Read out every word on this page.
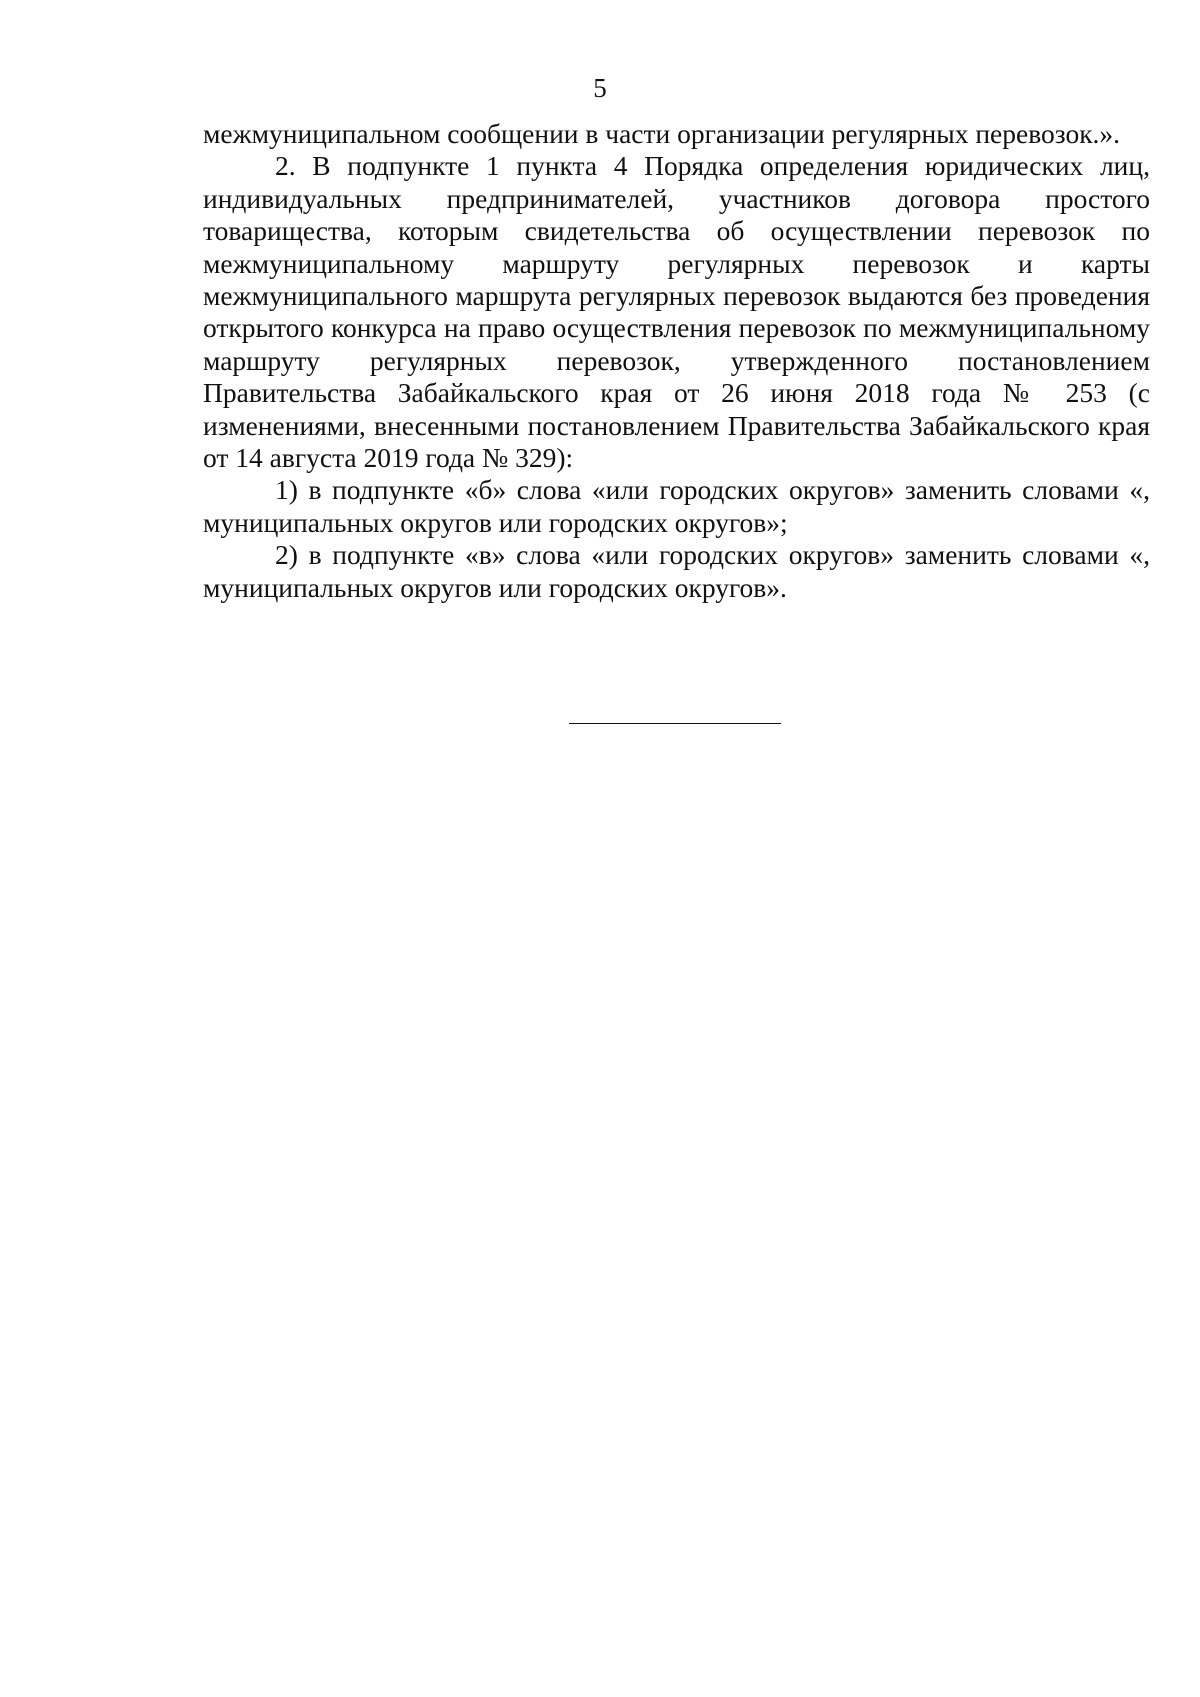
5

межмуниципальном сообщении в части организации регулярных перевозок.».

2. В подпункте 1 пункта 4 Порядка определения юридических лиц, индивидуальных предпринимателей, участников договора простого товарищества, которым свидетельства об осуществлении перевозок по межмуниципальному маршруту регулярных перевозок и карты межмуниципального маршрута регулярных перевозок выдаются без проведения открытого конкурса на право осуществления перевозок по межмуниципальному маршруту регулярных перевозок, утвержденного постановлением Правительства Забайкальского края от 26 июня 2018 года № 253 (с изменениями, внесенными постановлением Правительства Забайкальского края от 14 августа 2019 года № 329):

1) в подпункте «б» слова «или городских округов» заменить словами «, муниципальных округов или городских округов»;

2) в подпункте «в» слова «или городских округов» заменить словами «, муниципальных округов или городских округов».
